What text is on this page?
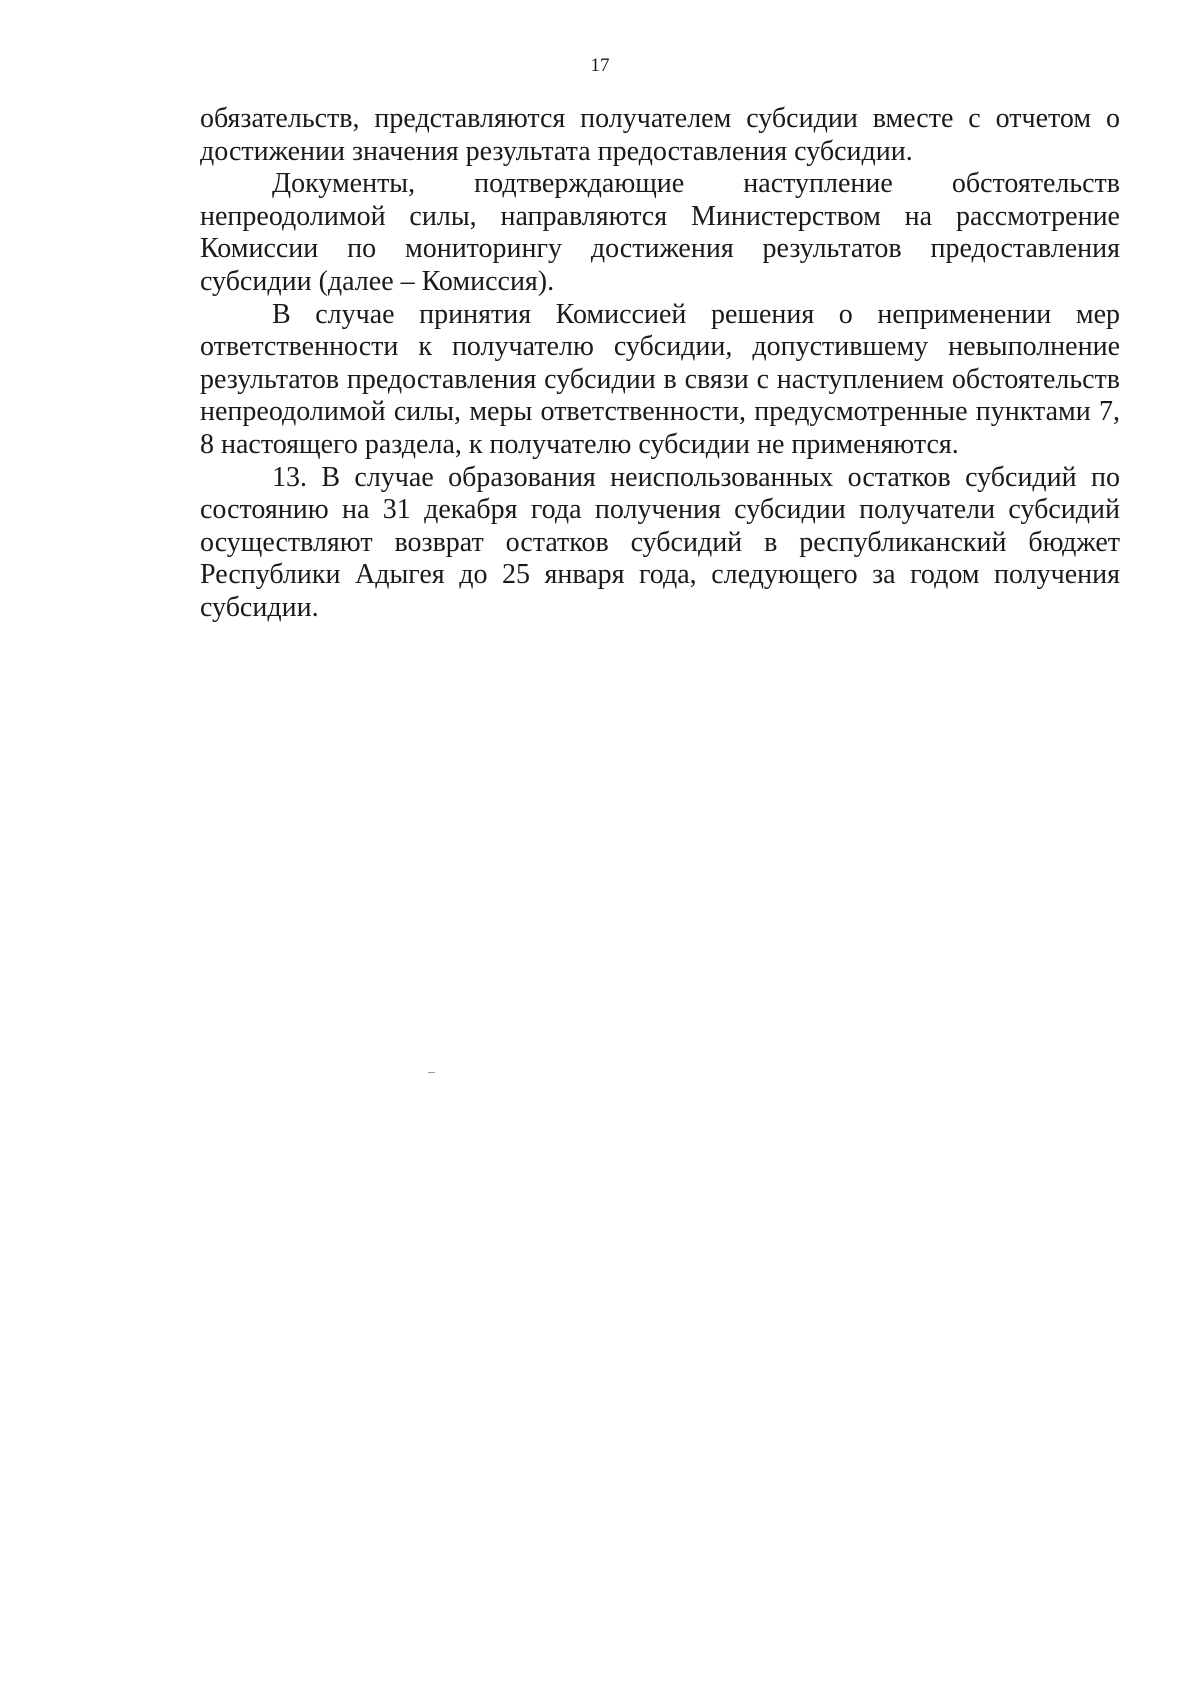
17

обязательств, представляются получателем субсидии вместе с отчетом о достижении значения результата предоставления субсидии.

Документы, подтверждающие наступление обстоятельств непреодолимой силы, направляются Министерством на рассмотрение Комиссии по мониторингу достижения результатов предоставления субсидии (далее – Комиссия).

В случае принятия Комиссией решения о неприменении мер ответственности к получателю субсидии, допустившему невыполнение результатов предоставления субсидии в связи с наступлением обстоятельств непреодолимой силы, меры ответственности, предусмотренные пунктами 7, 8 настоящего раздела, к получателю субсидии не применяются.

13. В случае образования неиспользованных остатков субсидий по состоянию на 31 декабря года получения субсидии получатели субсидий осуществляют возврат остатков субсидий в республиканский бюджет Республики Адыгея до 25 января года, следующего за годом получения субсидии.
